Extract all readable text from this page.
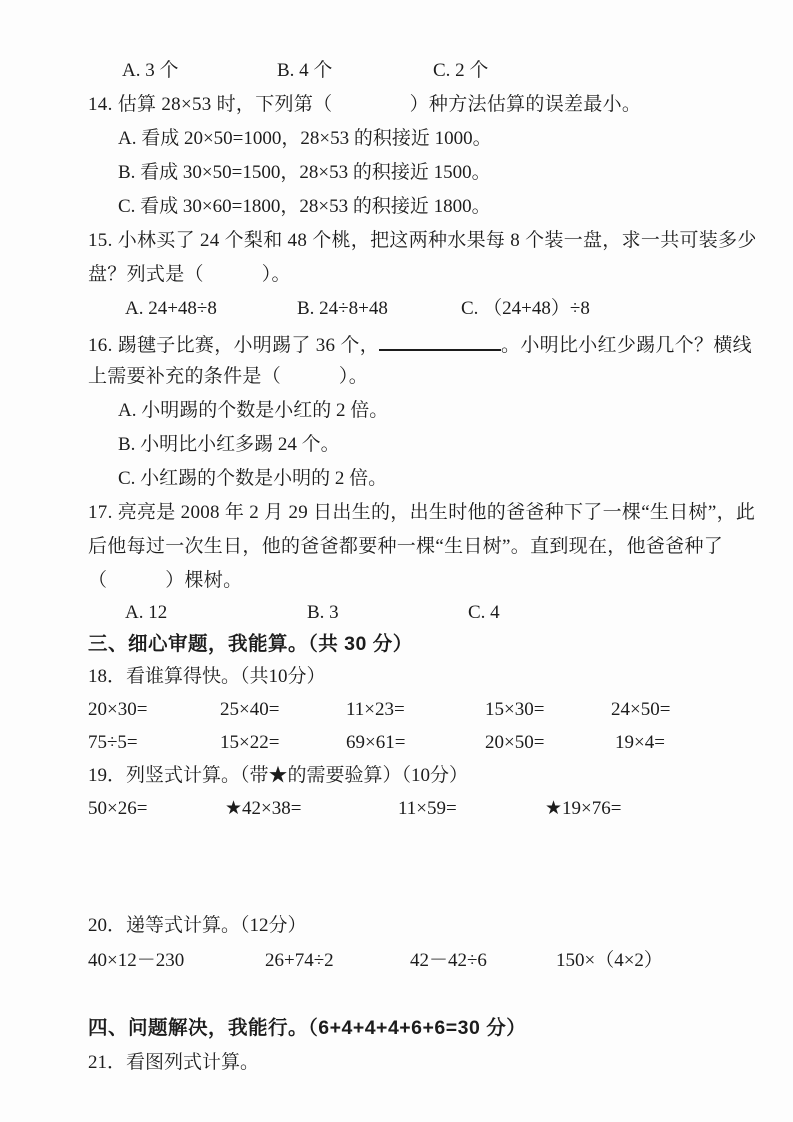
A. 3 个	B. 4 个	C. 2 个
14. 估算 28×53 时，下列第（　　　　）种方法估算的误差最小。
A. 看成 20×50=1000，28×53 的积接近 1000。
B. 看成 30×50=1500，28×53 的积接近 1500。
C. 看成 30×60=1800，28×53 的积接近 1800。
15. 小林买了 24 个梨和 48 个桃，把这两种水果每 8 个装一盘，求一共可装多少
盘？列式是（　　　）。
A. 24+48÷8	B. 24÷8+48	C. （24+48）÷8
16. 踢毽子比赛，小明踢了 36 个，	。小明比小红少踢几个？横线
上需要补充的条件是（　　　）。
A. 小明踢的个数是小红的 2 倍。
B. 小明比小红多踢 24 个。
C. 小红踢的个数是小明的 2 倍。
17. 亮亮是 2008 年 2 月 29 日出生的，出生时他的爸爸种下了一棵“生日树”，此
后他每过一次生日，他的爸爸都要种一棵“生日树”。直到现在，他爸爸种了
（　　　）棵树。
A. 12	B. 3	C. 4
三、细心审题，我能算。（共 30 分）
18．看谁算得快。（共10分）
20×30=	25×40=	11×23=	15×30=	24×50=
75÷5=	15×22=	69×61=	20×50=	19×4=
19．列竖式计算。（带★的需要验算）（10分）
50×26=	★42×38=	11×59=	★19×76=
20．递等式计算。（12分）
40×12－230	26+74÷2	42－42÷6	150×（4×2）
四、问题解决，我能行。（6+4+4+4+6+6=30 分）
21．看图列式计算。
